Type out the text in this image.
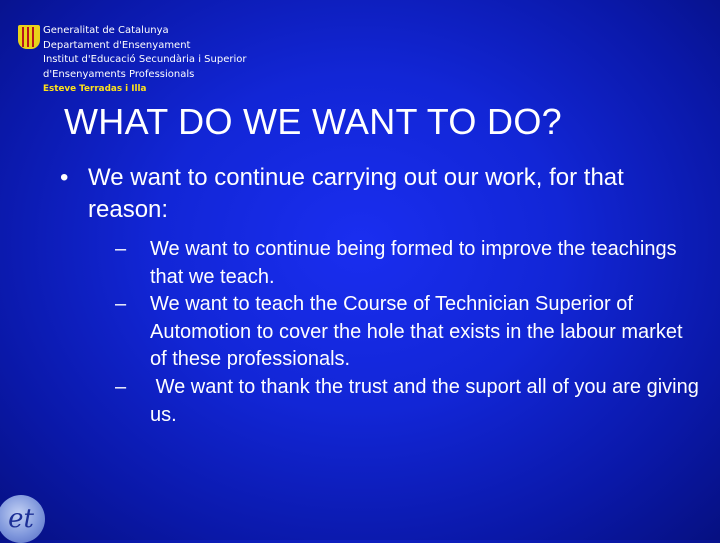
Generalitat de Catalunya
Departament d'Ensenyament
Institut d'Educació Secundària i Superior
d'Ensenyaments Professionals
Esteve Terradas i Illa
WHAT DO WE WANT TO DO?
• We want to continue carrying out our work, for that reason:
–	We want to continue being formed to improve the teachings that we teach.
–	We want to teach the Course of Technician Superior of Automotion to cover the hole that exists in the labour market of these professionals.
–	We want to thank the trust and the suport all of you are giving us.
et
